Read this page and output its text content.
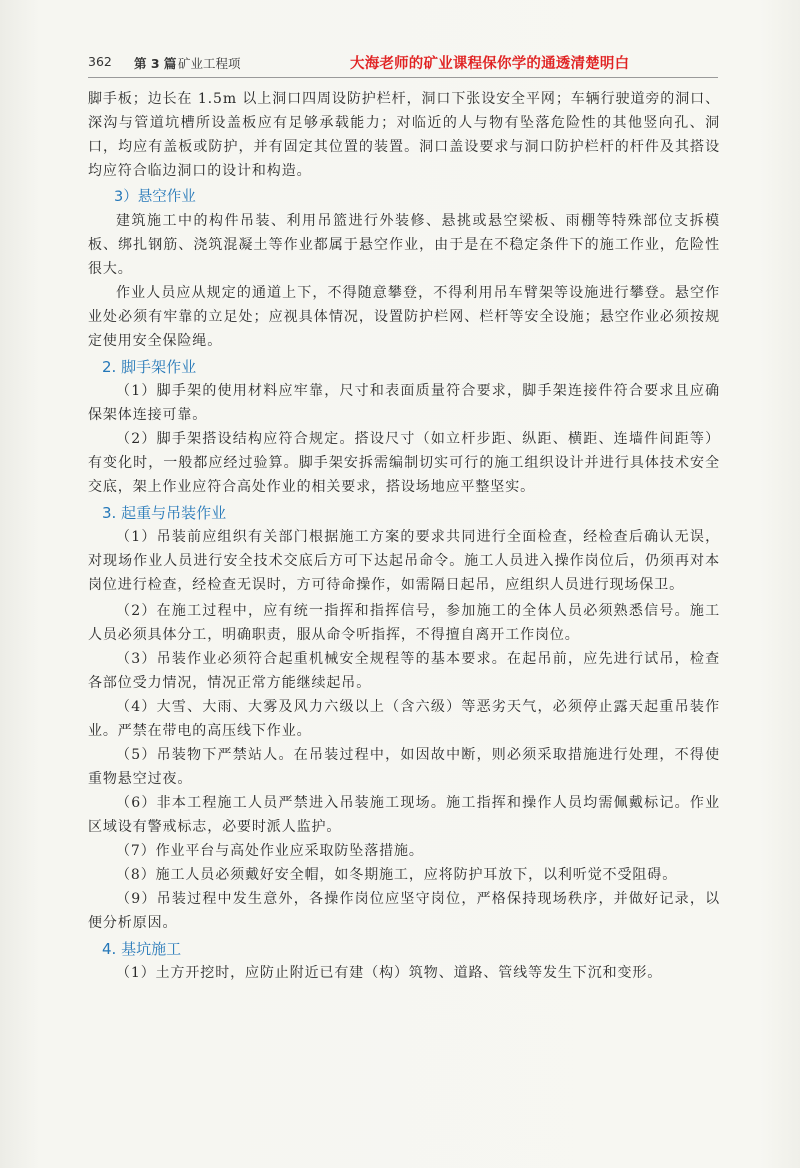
362 第 3 篇 矿业工程项	大海老师的矿业课程保你学的通透清楚明白

脚手板；边长在 1.5m 以上洞口四周设防护栏杆，洞口下张设安全平网；车辆行驶道旁的洞口、深沟与管道坑槽所设盖板应有足够承载能力；对临近的人与物有坠落危险性的其他竖向孔、洞口，均应有盖板或防护，并有固定其位置的装置。洞口盖设要求与洞口防护栏杆的杆件及其搭设均应符合临边洞口的设计和构造。

3）悬空作业

建筑施工中的构件吊装、利用吊篮进行外装修、悬挑或悬空梁板、雨棚等特殊部位支拆模板、绑扎钢筋、浇筑混凝土等作业都属于悬空作业，由于是在不稳定条件下的施工作业，危险性很大。

作业人员应从规定的通道上下，不得随意攀登，不得利用吊车臂架等设施进行攀登。悬空作业处必须有牢靠的立足处；应视具体情况，设置防护栏网、栏杆等安全设施；悬空作业必须按规定使用安全保险绳。

2. 脚手架作业

（1）脚手架的使用材料应牢靠，尺寸和表面质量符合要求，脚手架连接件符合要求且应确保架体连接可靠。

（2）脚手架搭设结构应符合规定。搭设尺寸（如立杆步距、纵距、横距、连墙件间距等）有变化时，一般都应经过验算。脚手架安拆需编制切实可行的施工组织设计并进行具体技术安全交底，架上作业应符合高处作业的相关要求，搭设场地应平整坚实。

3. 起重与吊装作业

（1）吊装前应组织有关部门根据施工方案的要求共同进行全面检查，经检查后确认无误，对现场作业人员进行安全技术交底后方可下达起吊命令。施工人员进入操作岗位后，仍须再对本岗位进行检查，经检查无误时，方可待命操作，如需隔日起吊，应组织人员进行现场保卫。

（2）在施工过程中，应有统一指挥和指挥信号，参加施工的全体人员必须熟悉信号。施工人员必须具体分工，明确职责，服从命令听指挥，不得擅自离开工作岗位。

（3）吊装作业必须符合起重机械安全规程等的基本要求。在起吊前，应先进行试吊，检查各部位受力情况，情况正常方能继续起吊。

（4）大雪、大雨、大雾及风力六级以上（含六级）等恶劣天气，必须停止露天起重吊装作业。严禁在带电的高压线下作业。

（5）吊装物下严禁站人。在吊装过程中，如因故中断，则必须采取措施进行处理，不得使重物悬空过夜。

（6）非本工程施工人员严禁进入吊装施工现场。施工指挥和操作人员均需佩戴标记。作业区域设有警戒标志，必要时派人监护。

（7）作业平台与高处作业应采取防坠落措施。

（8）施工人员必须戴好安全帽，如冬期施工，应将防护耳放下，以利听觉不受阻碍。

（9）吊装过程中发生意外，各操作岗位应坚守岗位，严格保持现场秩序，并做好记录，以便分析原因。

4. 基坑施工

（1）土方开挖时，应防止附近已有建（构）筑物、道路、管线等发生下沉和变形。
